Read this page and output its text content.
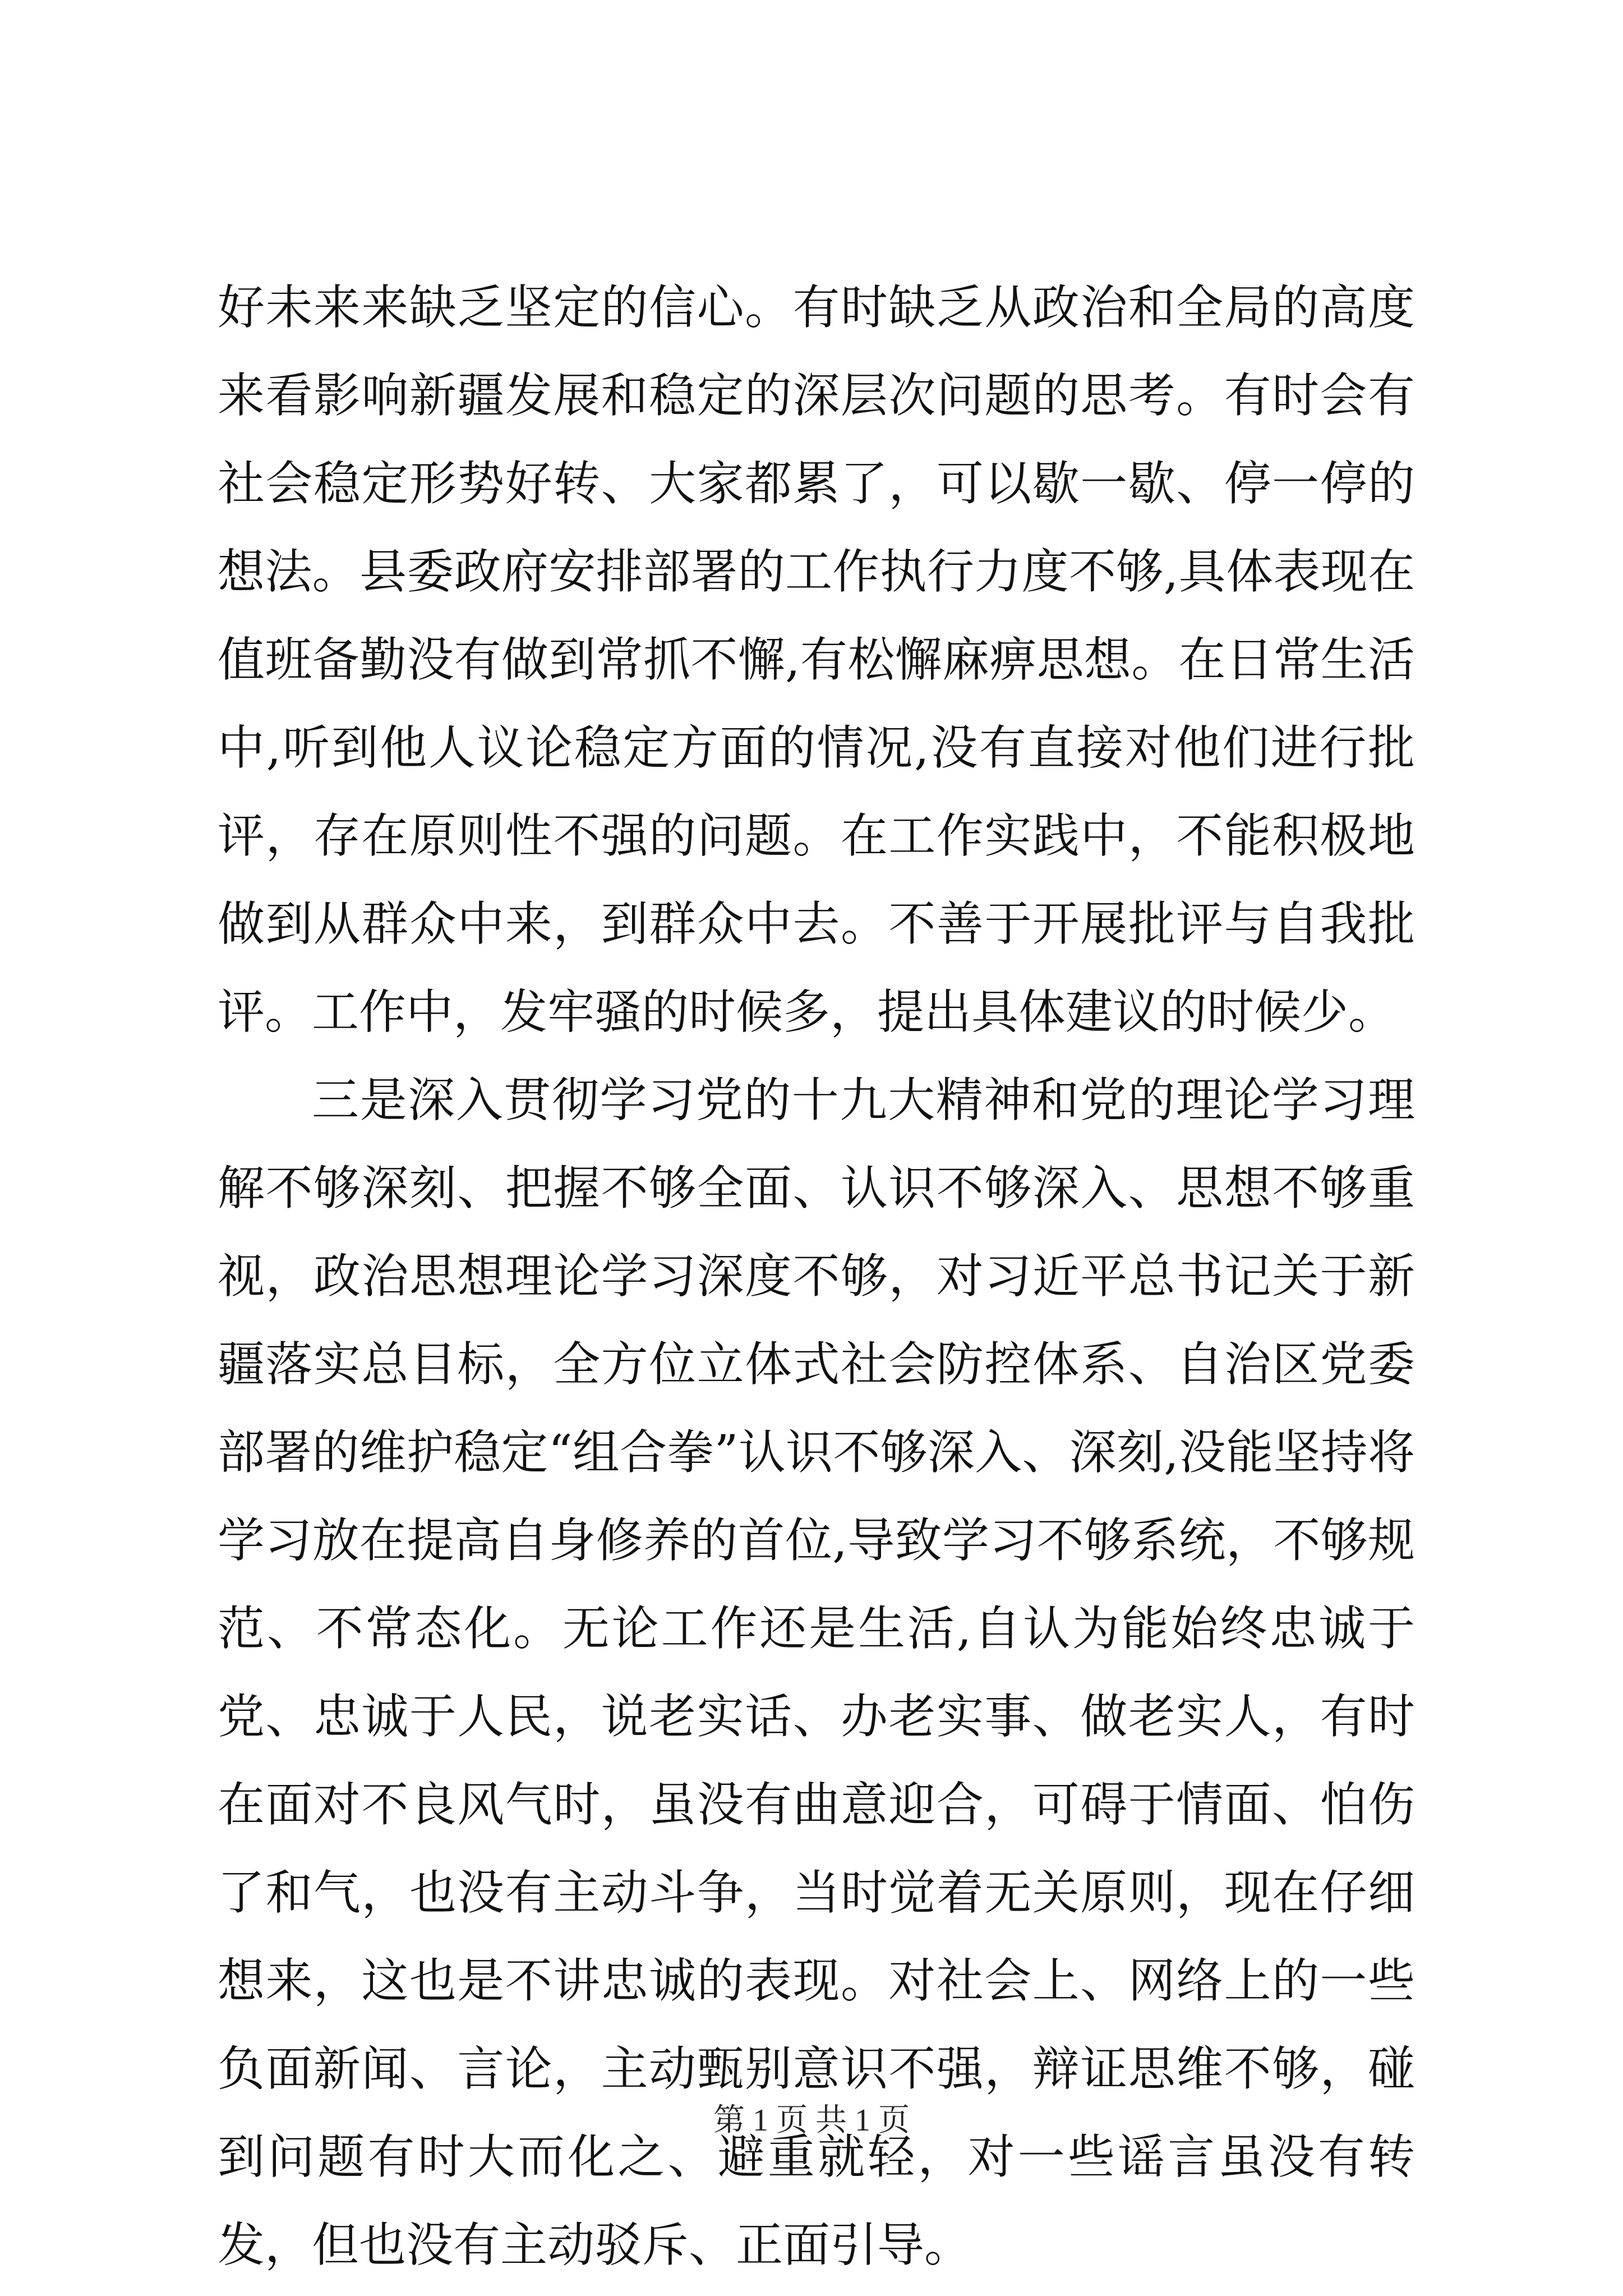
好未来来缺乏坚定的信心。有时缺乏从政治和全局的高度来看影响新疆发展和稳定的深层次问题的思考。有时会有社会稳定形势好转、大家都累了，可以歇一歇、停一停的想法。县委政府安排部署的工作执行力度不够,具体表现在值班备勤没有做到常抓不懈,有松懈麻痹思想。在日常生活中,听到他人议论稳定方面的情况,没有直接对他们进行批评，存在原则性不强的问题。在工作实践中，不能积极地做到从群众中来，到群众中去。不善于开展批评与自我批评。工作中，发牢骚的时候多，提出具体建议的时候少。

三是深入贯彻学习党的十九大精神和党的理论学习理解不够深刻、把握不够全面、认识不够深入、思想不够重视，政治思想理论学习深度不够，对习近平总书记关于新疆落实总目标，全方位立体式社会防控体系、自治区党委部署的维护稳定“组合拳”认识不够深入、深刻,没能坚持将学习放在提高自身修养的首位,导致学习不够系统，不够规范、不常态化。无论工作还是生活,自认为能始终忠诚于党、忠诚于人民，说老实话、办老实事、做老实人，有时在面对不良风气时，虽没有曲意迎合，可碍于情面、怕伤了和气，也没有主动斗争，当时觉着无关原则，现在仔细想来，这也是不讲忠诚的表现。对社会上、网络上的一些负面新闻、言论，主动甄别意识不强，辩证思维不够，碰到问题有时大而化之、避重就轻，对一些谣言虽没有转发，但也没有主动驳斥、正面引导。

第 1 页 共 1 页
